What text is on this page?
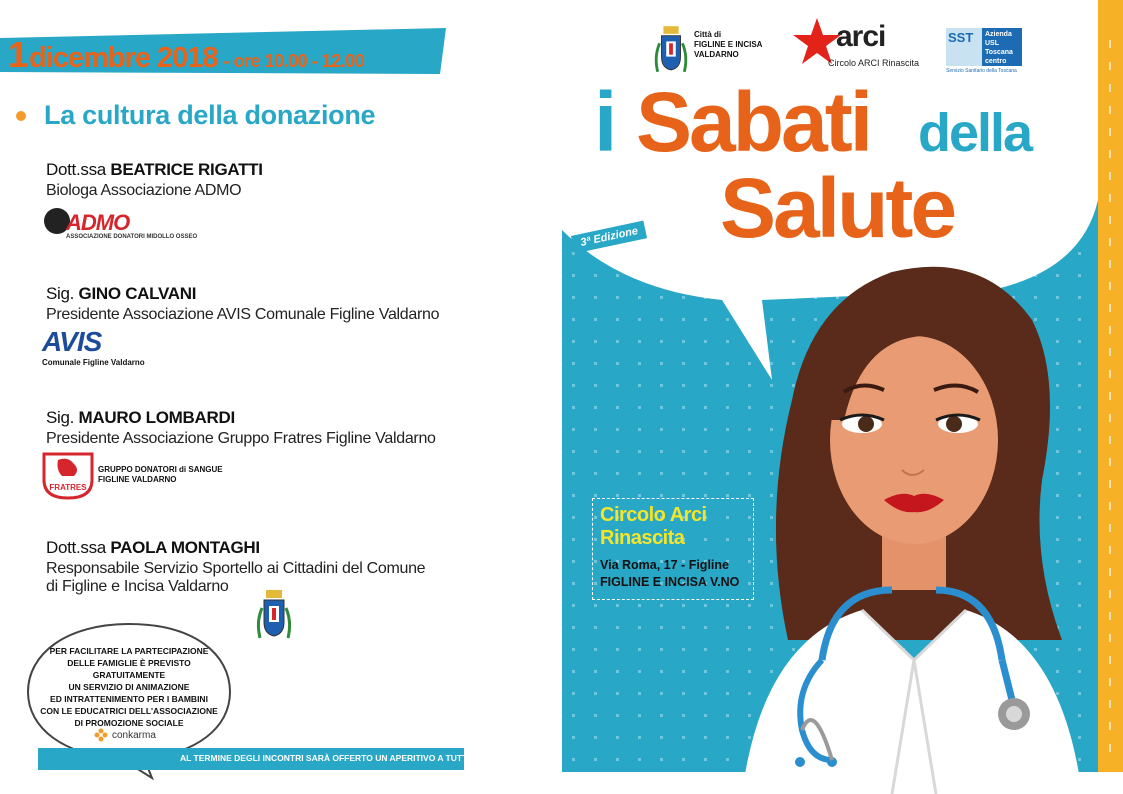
1 dicembre 2018 - ore 10.00 - 12.00
La cultura della donazione
Dott.ssa BEATRICE RIGATTI
Biologa Associazione ADMO
ADMO
ASSOCIAZIONE DONATORI MIDOLLO OSSEO
Sig. GINO CALVANI
Presidente Associazione AVIS Comunale Figline Valdarno
AVIS
Comunale Figline Valdarno
Sig. MAURO LOMBARDI
Presidente Associazione Gruppo Fratres Figline Valdarno
FRATRES
GRUPPO DONATORI di SANGUE
FIGLINE VALDARNO
Dott.ssa PAOLA MONTAGHI
Responsabile Servizio Sportello ai Cittadini del Comune
di Figline e Incisa Valdarno
PER FACILITARE LA PARTECIPAZIONE
DELLE FAMIGLIE È PREVISTO GRATUITAMENTE
UN SERVIZIO DI ANIMAZIONE
ED INTRATTENIMENTO PER I BAMBINI
CON LE EDUCATRICI DELL'ASSOCIAZIONE
DI PROMOZIONE SOCIALE
conkarma
AL TERMINE DEGLI INCONTRI SARÀ OFFERTO UN APERITIVO A TUTTI I PARTECIPANTI.
Città di
FIGLINE E INCISA
VALDARNO
arci
Circolo ARCI Rinascita
SST	Azienda
USL
Toscana
centro
Servizio Sanitario della Toscana
i Sabati della
Salute
3ª Edizione
Circolo Arci
Rinascita
Via Roma, 17 - Figline
FIGLINE E INCISA V.NO
